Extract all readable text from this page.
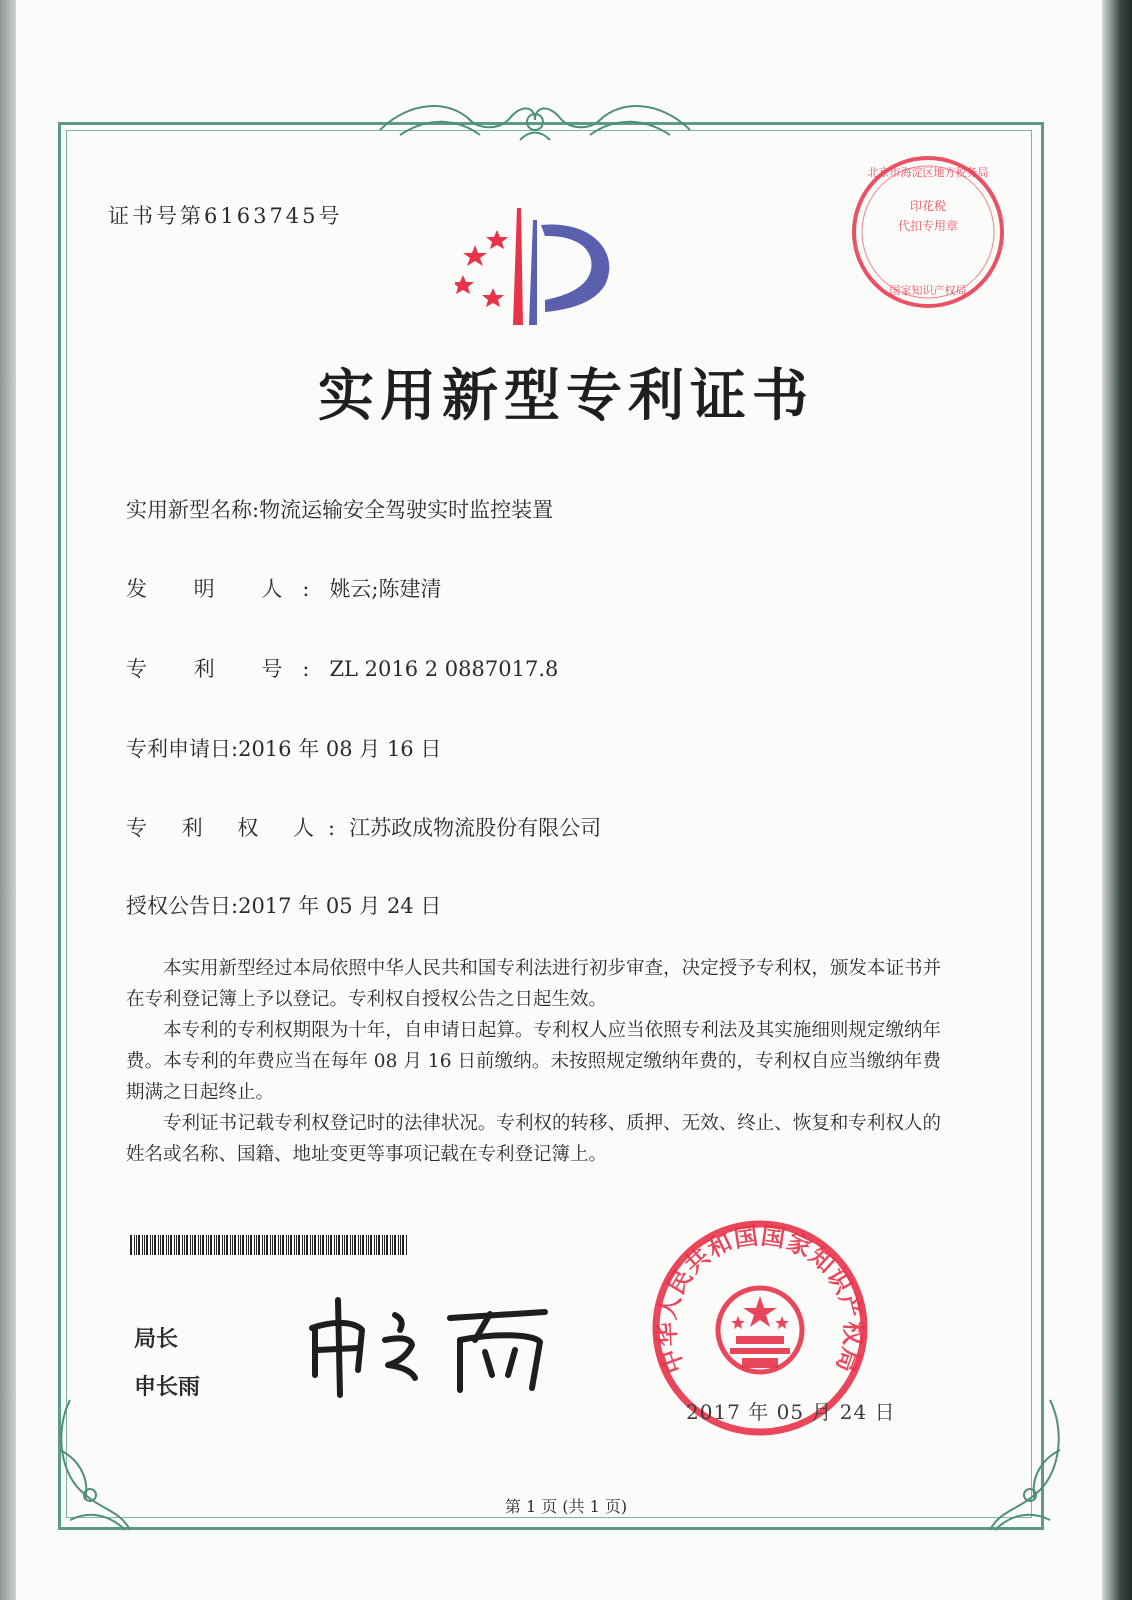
证书号第6163745号
实用新型专利证书
实用新型名称:物流运输安全驾驶实时监控装置
发 明 人:姚云;陈建清
专 利 号:ZL 2016 2 0887017.8
专利申请日:2016 年 08 月 16 日
专 利 权 人:江苏政成物流股份有限公司
授权公告日:2017 年 05 月 24 日

本实用新型经过本局依照中华人民共和国专利法进行初步审查，决定授予专利权，颁发本证书并在专利登记簿上予以登记。专利权自授权公告之日起生效。

本专利的专利权期限为十年，自申请日起算。专利权人应当依照专利法及其实施细则规定缴纳年费。本专利的年费应当在每年 08 月 16 日前缴纳。未按照规定缴纳年费的，专利权自应当缴纳年费期满之日起终止。

专利证书记载专利权登记时的法律状况。专利权的转移、质押、无效、终止、恢复和专利权人的姓名或名称、国籍、地址变更等事项记载在专利登记簿上。

局长
申长雨
北京市海淀区地方税务局
印花税
代扣专用章
国家知识产权局
中华人民共和国国家知识产权局
2017 年 05 月 24 日
第 1 页 (共 1 页)
